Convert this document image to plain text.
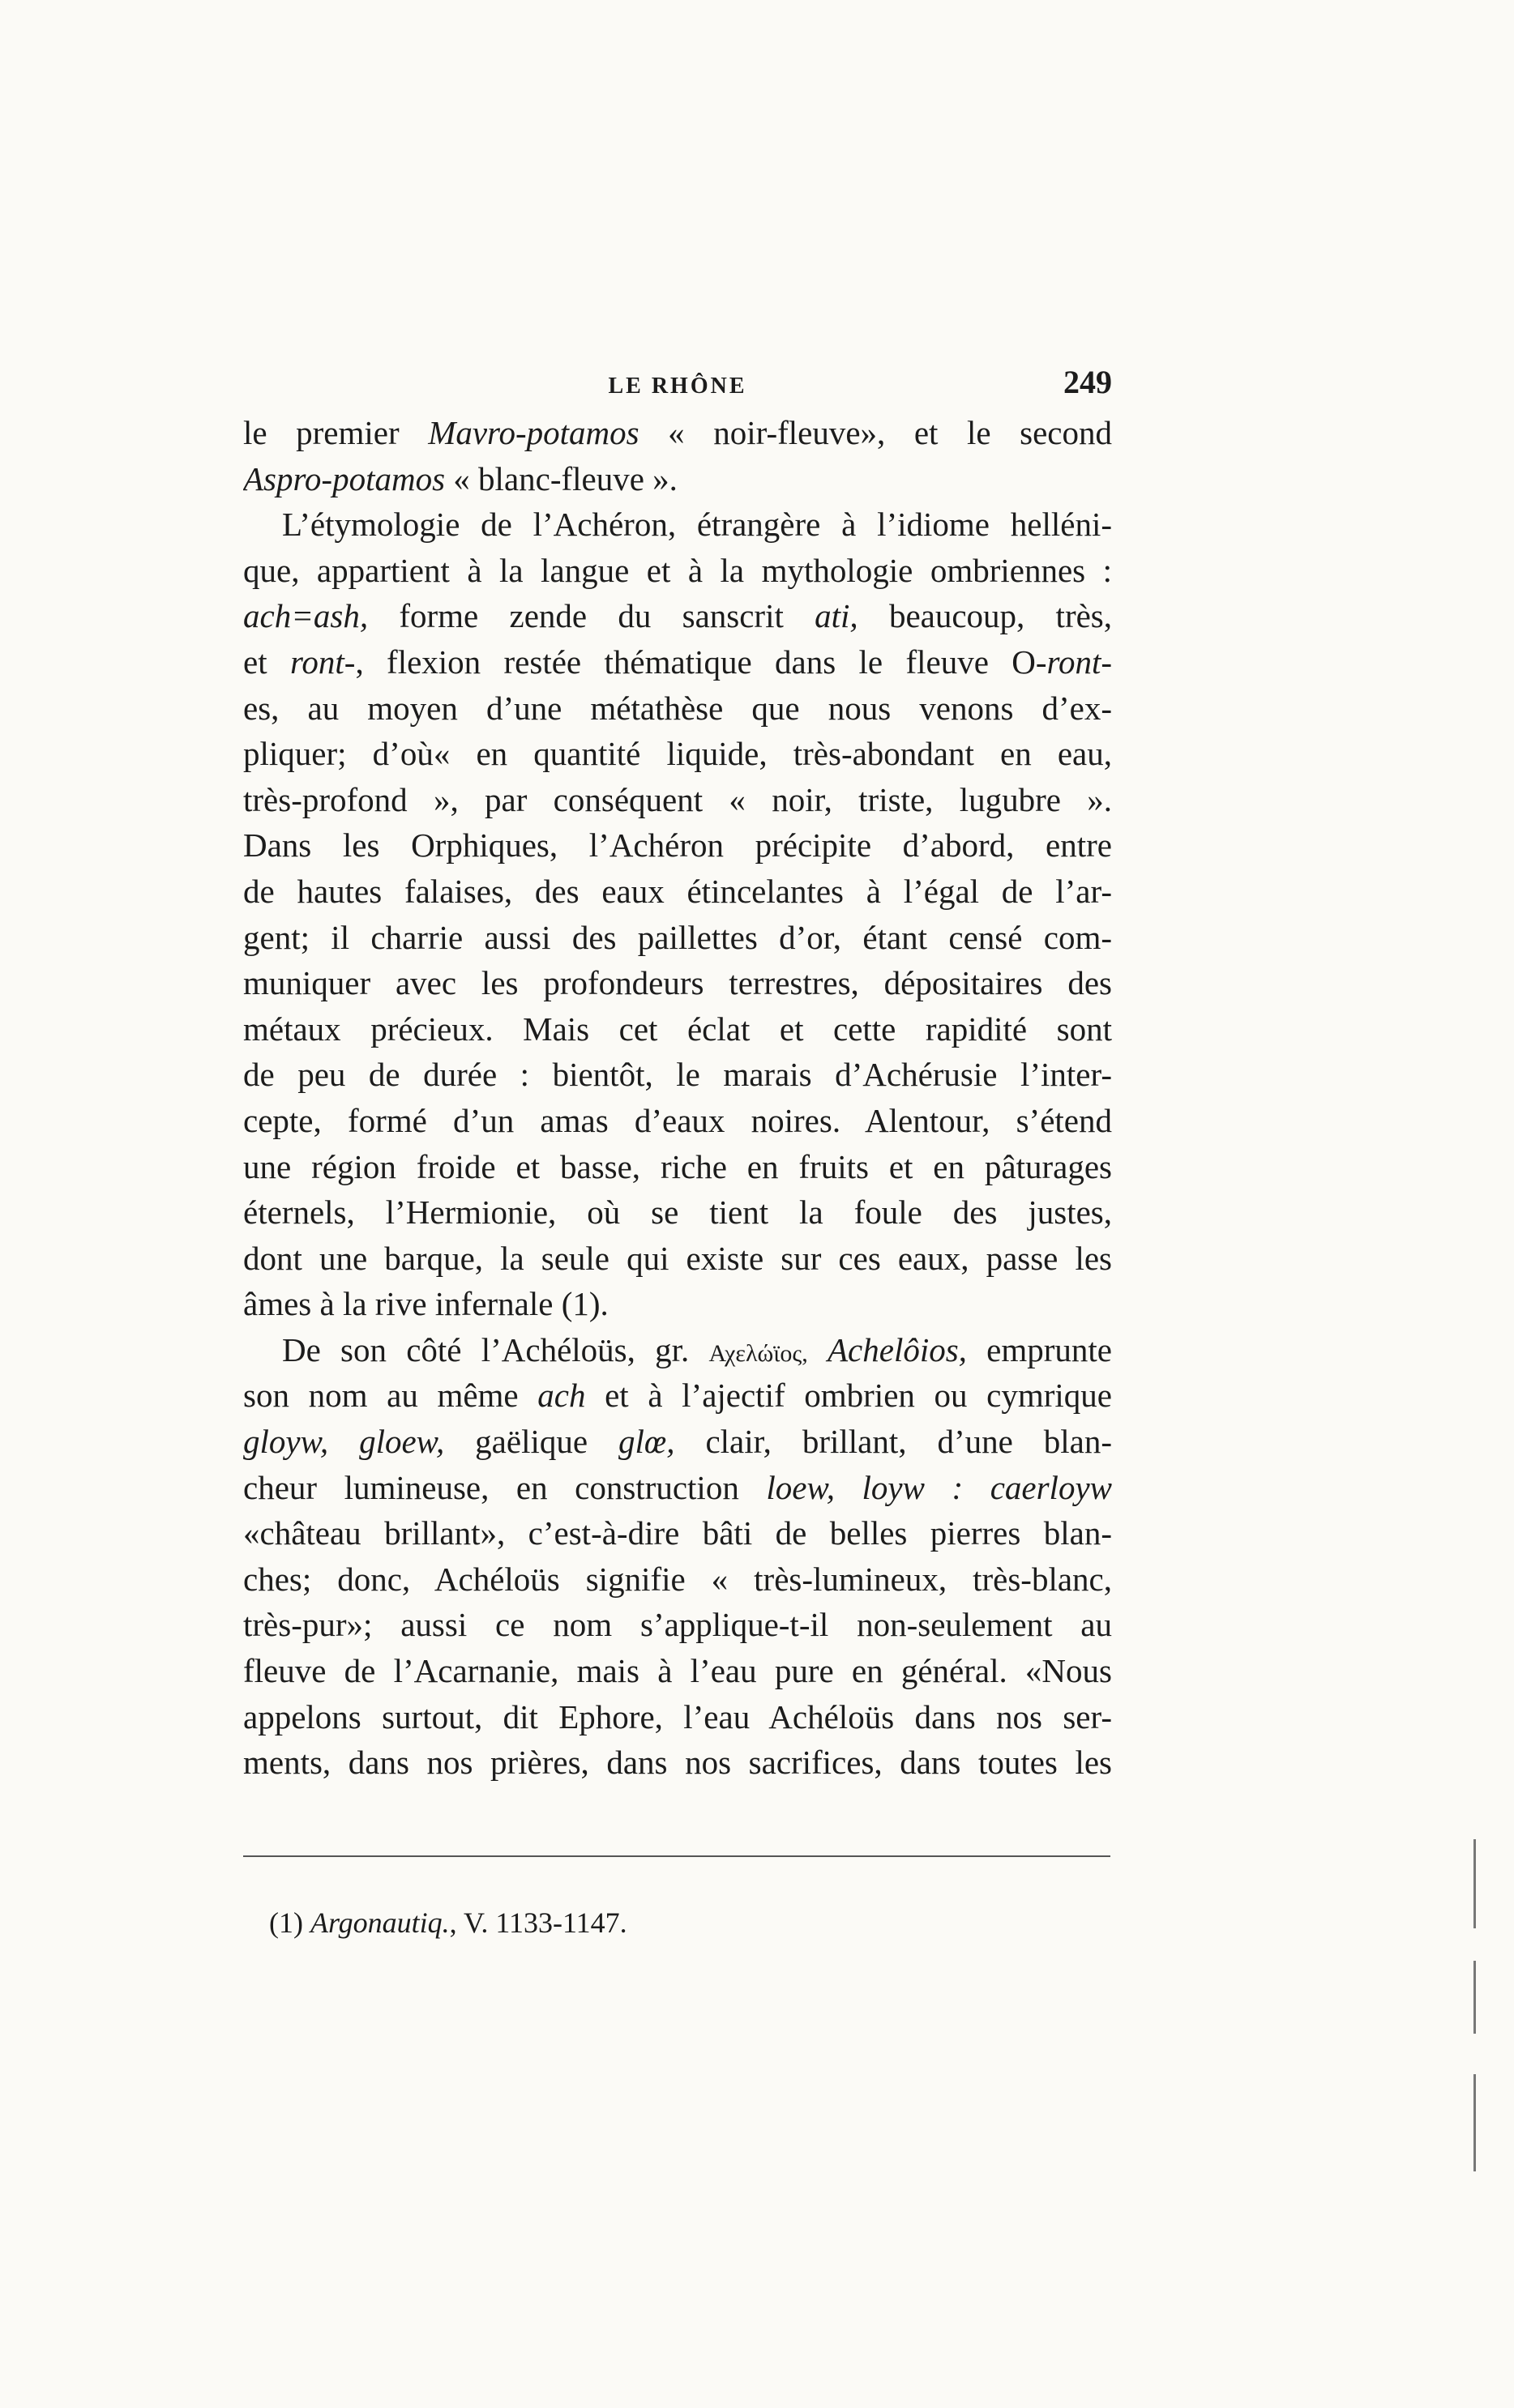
LE RHÔNE	249
le premier Mavro-potamos « noir-fleuve», et le second
Aspro-potamos « blanc-fleuve ».
L’étymologie de l’Achéron, étrangère à l’idiome helléni-
que, appartient à la langue et à la mythologie ombriennes :
ach=ash, forme zende du sanscrit ati, beaucoup, très,
et ront-, flexion restée thématique dans le fleuve O-ront-
es, au moyen d’une métathèse que nous venons d’ex-
pliquer; d’où« en quantité liquide, très-abondant en eau,
très-profond », par conséquent « noir, triste, lugubre ».
Dans les Orphiques, l’Achéron précipite d’abord, entre
de hautes falaises, des eaux étincelantes à l’égal de l’ar-
gent; il charrie aussi des paillettes d’or, étant censé com-
muniquer avec les profondeurs terrestres, dépositaires des
métaux précieux. Mais cet éclat et cette rapidité sont
de peu de durée : bientôt, le marais d’Achérusie l’inter-
cepte, formé d’un amas d’eaux noires. Alentour, s’étend
une région froide et basse, riche en fruits et en pâturages
éternels, l’Hermionie, où se tient la foule des justes,
dont une barque, la seule qui existe sur ces eaux, passe les
âmes à la rive infernale (1).
De son côté l’Achéloüs, gr. Αχελώϊος, Achelôios, emprunte
son nom au même ach et à l’ajectif ombrien ou cymrique
gloyw, gloew, gaëlique glœ, clair, brillant, d’une blan-
cheur lumineuse, en construction loew, loyw : caerloyw
«château brillant», c’est-à-dire bâti de belles pierres blan-
ches; donc, Achéloüs signifie « très-lumineux, très-blanc,
très-pur»; aussi ce nom s’applique-t-il non-seulement au
fleuve de l’Acarnanie, mais à l’eau pure en général. «Nous
appelons surtout, dit Ephore, l’eau Achéloüs dans nos ser-
ments, dans nos prières, dans nos sacrifices, dans toutes les
(1) Argonautiq., V. 1133-1147.
